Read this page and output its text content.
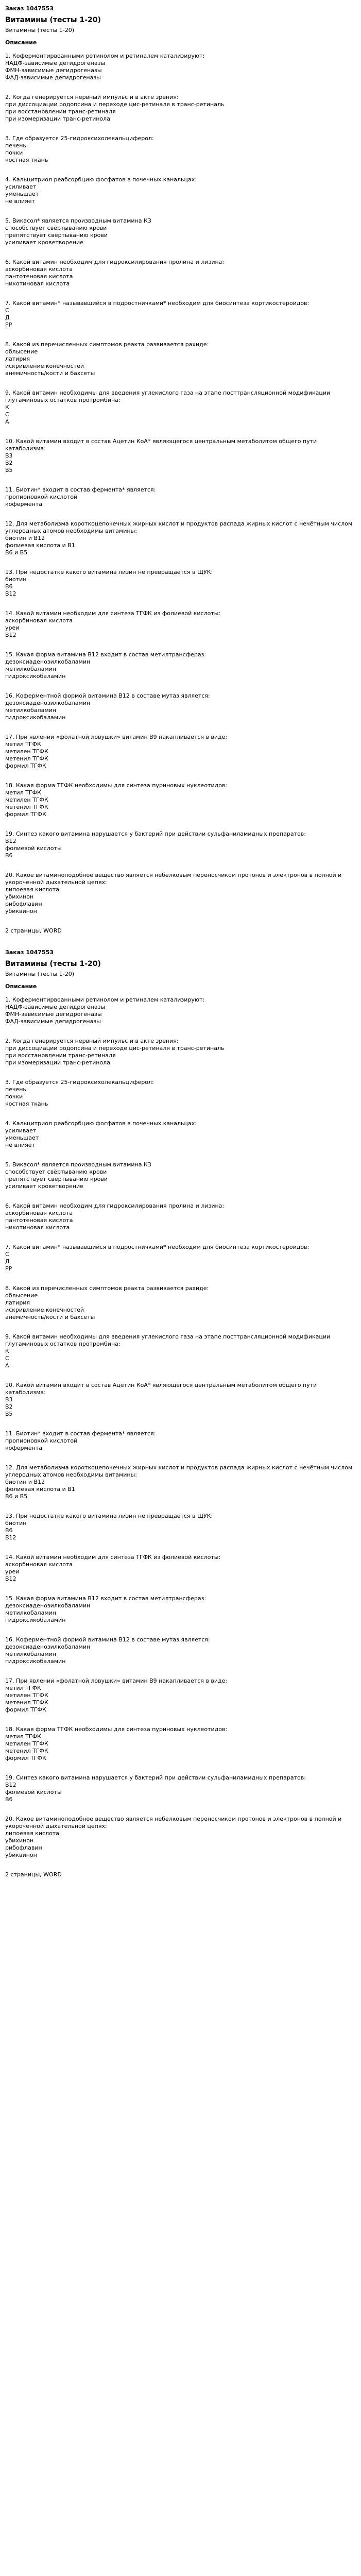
Заказ 1047553
Витамины (тесты 1-20)
Витамины (тесты 1-20)
Описание
1. Коферментирвоанными ретинолом и ретиналем катализируют:
НАДФ-зависимые дегидрогеназы
ФМН-зависимые дегидрогеназы
ФАД-зависимые дегидрогеназы
2. Когда генерируется нервный импульс и в акте зрения:
при диссоциации родопсина и переходе цис-ретиналя в транс-ретиналь
при восстановлении транс-ретиналя
при изомеризации транс-ретинола
3. Где образуется 25-гидроксихолекальциферол:
печень
почки
костная ткань
4. Кальцитриол реабсорбцию фосфатов в почечных канальцах:
усиливает
уменьшает
не влияет
5. Викасол* является производным витамина К3
способствует свёртыванию крови
препятствует свёртыванию крови
усиливает кроветворение
6. Какой витамин необходим для гидроксилирования пролина и лизина:
аскорбиновая кислота
пантотеновая кислота
никотиновая кислота
7. Какой витамин* называвшийся в подростничками* необходим для биосинтеза кортикостероидов:
C
Д
РР
8. Какой из перечисленных симптомов реакта развивается рахиде:
облысение
латирия
искривление конечностей
анемичность/кости и бахсеты
9. Какой витамин необходимы для введения углекислого газа на этапе посттрансляционной модификации глутаминовых остатков протромбина:
К
С
А
10. Какой витамин входит в состав Ацетин КоА* являющегося центральным метаболитом общего пути катаболизма:
В3
В2
В5
11. Биотин* входит в состав фермента* является:
пропионовкой кислотой
кофермента
12. Для метаболизма короткоцепочечных жирных кислот и продуктов распада жирных кислот с нечётным числом углеродных атомов необходимы витамины:
биотин и В12
фолиевая кислота и В1
В6 и В5
13. При недостатке какого витамина лизин не превращается в ЩУК:
биотин
В6
В12
14. Какой витамин необходим для синтеза ТГФК из фолиевой кислоты:
аскорбиновая кислота
уреи
В12
15. Какая форма витамина В12 входит в состав метилтрансфераз:
дезоксиаденозилкобаламин
метилкобаламин
гидроксикобаламин
16. Коферментной формой витамина В12 в составе мутаз является:
дезоксиаденозилкобаламин
метилкобаламин
гидроксикобаламин
17. При явлении «фолатной ловушки» витамин В9 накапливается в виде:
метил ТГФК
метилен ТГФК
метенил ТГФК
формил ТГФК
18. Какая форма ТГФК необходимы для синтеза пуриновых нуклеотидов:
метил ТГФК
метилен ТГФК
метенил ТГФК
формил ТГФК
19. Синтез какого витамина нарушается у бактерий при действии сульфаниламидных препаратов:
В12
фолиевой кислоты
В6
20. Какое витаминоподобное вещество является небелковым переносчиком протонов и электронов в полной и укороченной дыхательной цепях:
липоевая кислота
убихинон
рибофлавин
убиквинон
2 страницы, WORD
Заказ 1047553
Витамины (тесты 1-20)
Витамины (тесты 1-20)
Описание
1. Коферментирвоанными ретинолом и ретиналем катализируют:
НАДФ-зависимые дегидрогеназы
ФМН-зависимые дегидрогеназы
ФАД-зависимые дегидрогеназы
2. Когда генерируется нервный импульс и в акте зрения:
при диссоциации родопсина и переходе цис-ретиналя в транс-ретиналь
при восстановлении транс-ретиналя
при изомеризации транс-ретинола
3. Где образуется 25-гидроксихолекальциферол:
печень
почки
костная ткань
4. Кальцитриол реабсорбцию фосфатов в почечных канальцах:
усиливает
уменьшает
не влияет
5. Викасол* является производным витамина К3
способствует свёртыванию крови
препятствует свёртыванию крови
усиливает кроветворение
6. Какой витамин необходим для гидроксилирования пролина и лизина:
аскорбиновая кислота
пантотеновая кислота
никотиновая кислота
7. Какой витамин* называвшийся в подростничками* необходим для биосинтеза кортикостероидов:
C
Д
РР
8. Какой из перечисленных симптомов реакта развивается рахиде:
облысение
латирия
искривление конечностей
анемичность/кости и бахсеты
9. Какой витамин необходимы для введения углекислого газа на этапе посттрансляционной модификации глутаминовых остатков протромбина:
К
С
А
10. Какой витамин входит в состав Ацетин КоА* являющегося центральным метаболитом общего пути катаболизма:
В3
В2
В5
11. Биотин* входит в состав фермента* является:
пропионовкой кислотой
кофермента
12. Для метаболизма короткоцепочечных жирных кислот и продуктов распада жирных кислот с нечётным числом углеродных атомов необходимы витамины:
биотин и В12
фолиевая кислота и В1
В6 и В5
13. При недостатке какого витамина лизин не превращается в ЩУК:
биотин
В6
В12
14. Какой витамин необходим для синтеза ТГФК из фолиевой кислоты:
аскорбиновая кислота
уреи
В12
15. Какая форма витамина В12 входит в состав метилтрансфераз:
дезоксиаденозилкобаламин
метилкобаламин
гидроксикобаламин
16. Коферментной формой витамина В12 в составе мутаз является:
дезоксиаденозилкобаламин
метилкобаламин
гидроксикобаламин
17. При явлении «фолатной ловушки» витамин В9 накапливается в виде:
метил ТГФК
метилен ТГФК
метенил ТГФК
формил ТГФК
18. Какая форма ТГФК необходимы для синтеза пуриновых нуклеотидов:
метил ТГФК
метилен ТГФК
метенил ТГФК
формил ТГФК
19. Синтез какого витамина нарушается у бактерий при действии сульфаниламидных препаратов:
В12
фолиевой кислоты
В6
20. Какое витаминоподобное вещество является небелковым переносчиком протонов и электронов в полной и укороченной дыхательной цепях:
липоевая кислота
убихинон
рибофлавин
убиквинон
2 страницы, WORD
